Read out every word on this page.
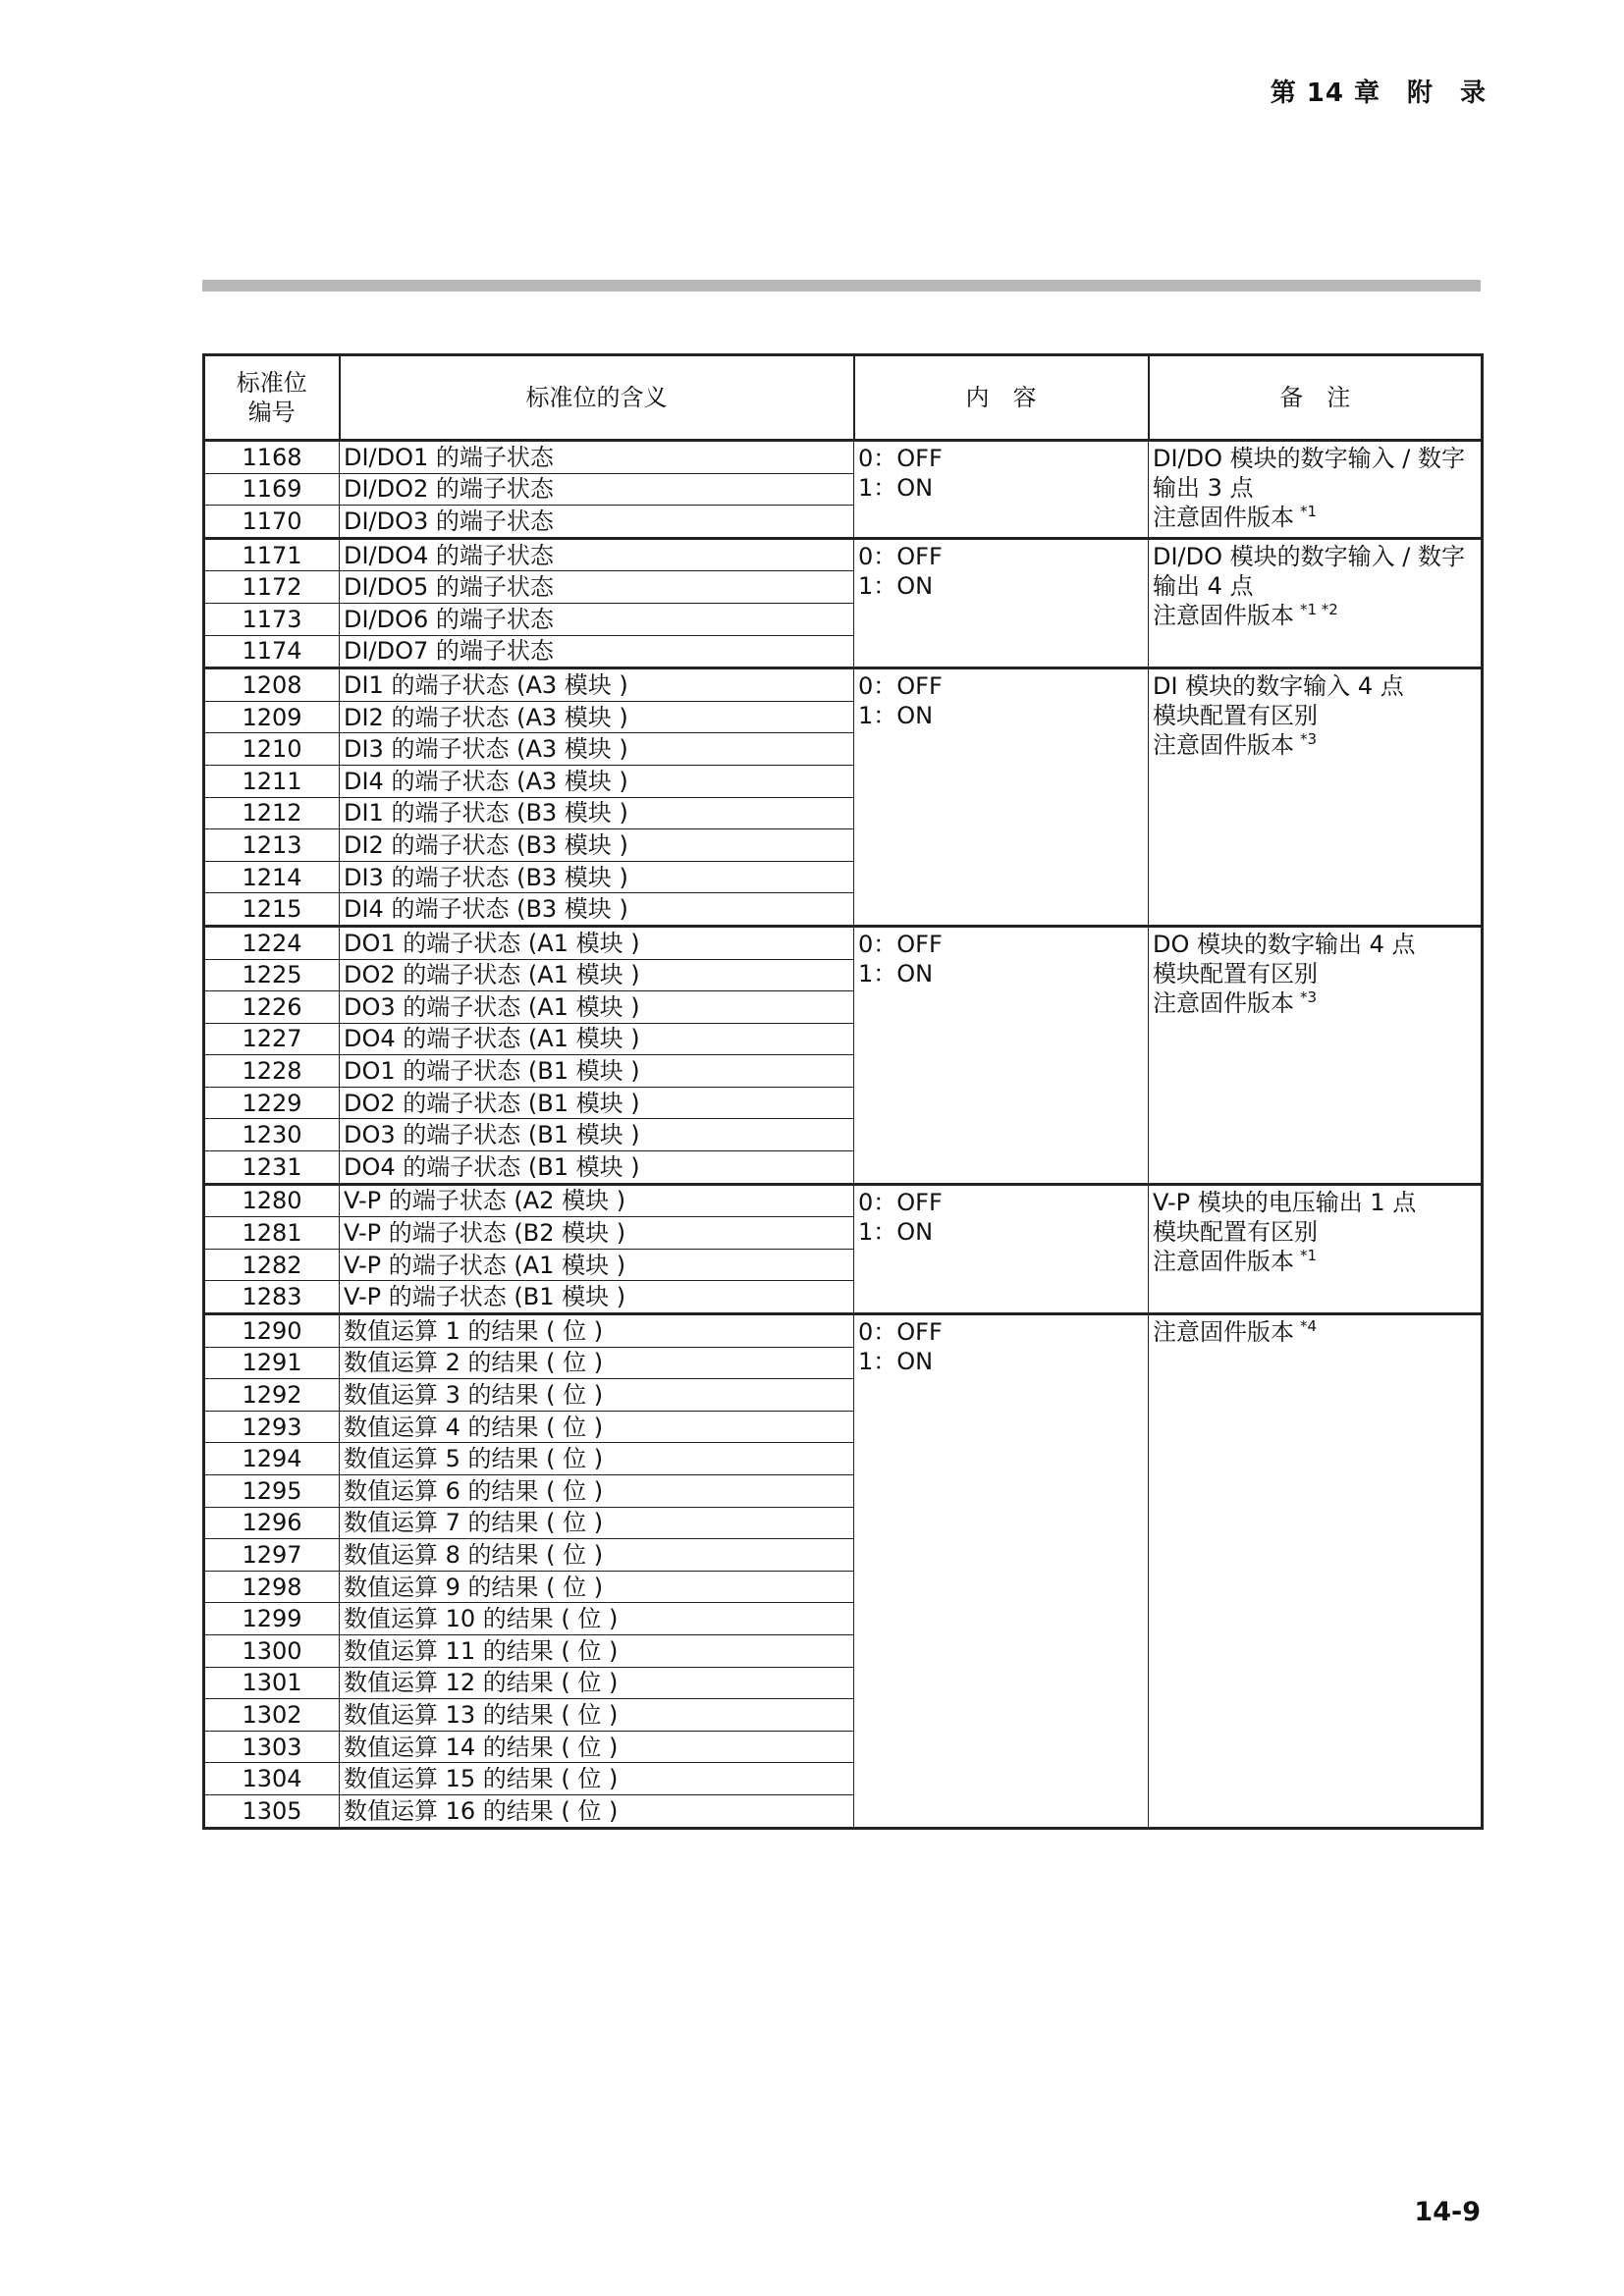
第 14 章　附　录
标准位
编号	标准位的含义	内　容	备　注
1168	DI/DO1 的端子状态	0：OFF
1：ON	DI/DO 模块的数字输入 / 数字
输出 3 点
注意固件版本 $^{*1}$

1169	DI/DO2 的端子状态		
1170	DI/DO3 的端子状态		
1171	DI/DO4 的端子状态	0：OFF
1：ON	DI/DO 模块的数字输入 / 数字
输出 4 点
注意固件版本 $^{*1 *2}$

1172	DI/DO5 的端子状态		
1173	DI/DO6 的端子状态		
1174	DI/DO7 的端子状态		
1208	DI1 的端子状态 (A3 模块 )	0：OFF
1：ON	DI 模块的数字输入 4 点
模块配置有区别
注意固件版本 $^{*3}$

1209	DI2 的端子状态 (A3 模块 )		
1210	DI3 的端子状态 (A3 模块 )		
1211	DI4 的端子状态 (A3 模块 )		
1212	DI1 的端子状态 (B3 模块 )		
1213	DI2 的端子状态 (B3 模块 )		
1214	DI3 的端子状态 (B3 模块 )		
1215	DI4 的端子状态 (B3 模块 )		
1224	DO1 的端子状态 (A1 模块 )	0：OFF
1：ON	DO 模块的数字输出 4 点
模块配置有区别
注意固件版本 $^{*3}$

1225	DO2 的端子状态 (A1 模块 )		
1226	DO3 的端子状态 (A1 模块 )		
1227	DO4 的端子状态 (A1 模块 )		
1228	DO1 的端子状态 (B1 模块 )		
1229	DO2 的端子状态 (B1 模块 )		
1230	DO3 的端子状态 (B1 模块 )		
1231	DO4 的端子状态 (B1 模块 )		
1280	V-P 的端子状态 (A2 模块 )	0：OFF
1：ON	V-P 模块的电压输出 1 点
模块配置有区别
注意固件版本 $^{*1}$

1281	V-P 的端子状态 (B2 模块 )		
1282	V-P 的端子状态 (A1 模块 )		
1283	V-P 的端子状态 (B1 模块 )		
1290	数值运算 1 的结果 ( 位 )	0：OFF
1：ON	注意固件版本 $^{*4}$

1291	数值运算 2 的结果 ( 位 )		
1292	数值运算 3 的结果 ( 位 )		
1293	数值运算 4 的结果 ( 位 )		
1294	数值运算 5 的结果 ( 位 )		
1295	数值运算 6 的结果 ( 位 )		
1296	数值运算 7 的结果 ( 位 )		
1297	数值运算 8 的结果 ( 位 )		
1298	数值运算 9 的结果 ( 位 )		
1299	数值运算 10 的结果 ( 位 )		
1300	数值运算 11 的结果 ( 位 )		
1301	数值运算 12 的结果 ( 位 )		
1302	数值运算 13 的结果 ( 位 )		
1303	数值运算 14 的结果 ( 位 )		
1304	数值运算 15 的结果 ( 位 )		
1305	数值运算 16 的结果 ( 位 )		
14-9
